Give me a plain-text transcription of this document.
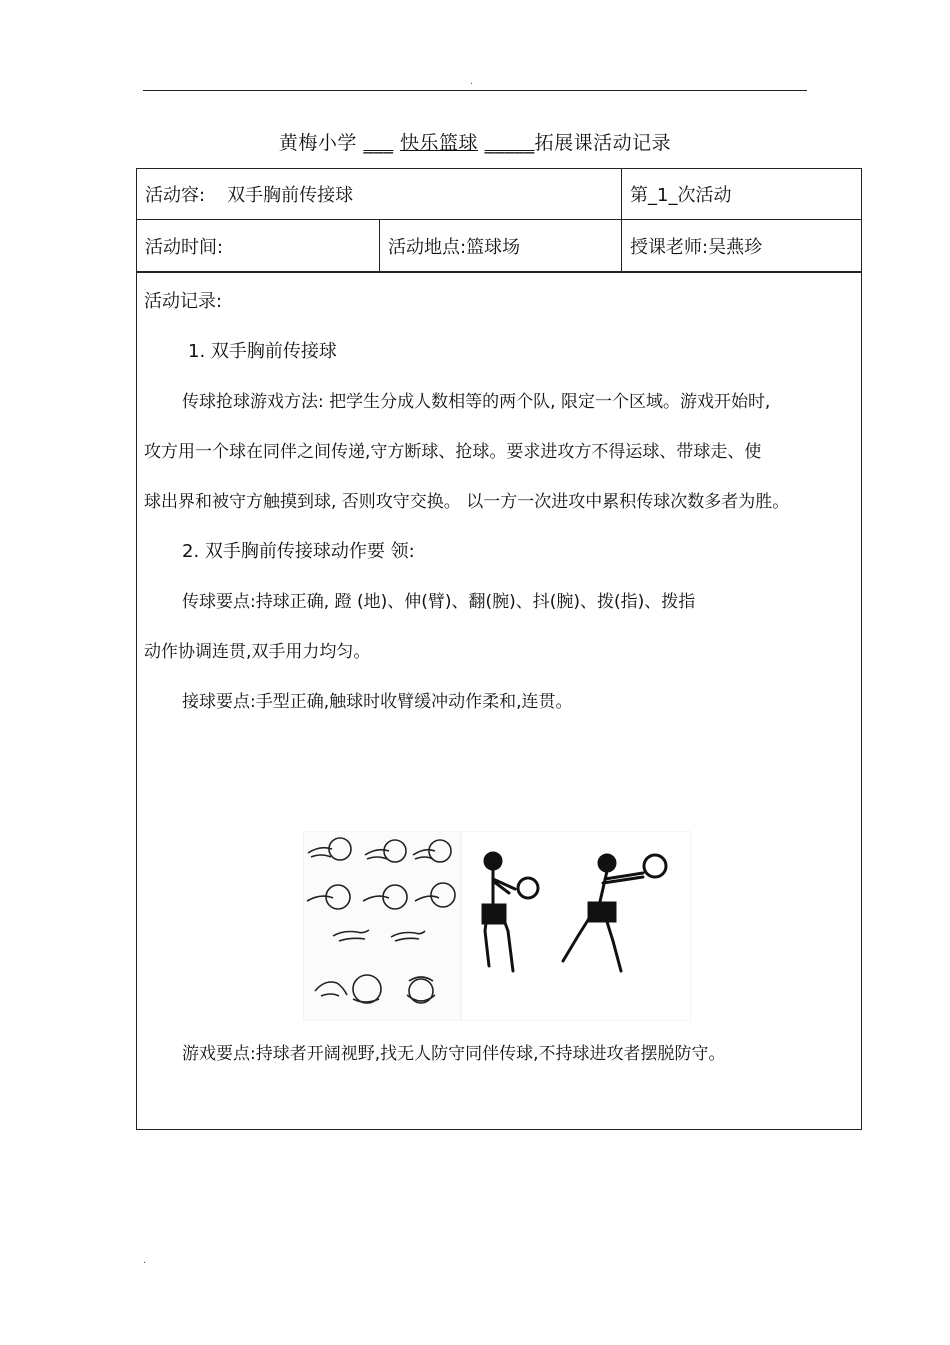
.
黄梅小学 ___ 快乐篮球 _____拓展课活动记录
活动容: 双手胸前传接球	第_1_次活动
活动时间:	活动地点:篮球场	授课老师:吴燕珍
活动记录:
1. 双手胸前传接球
传球抢球游戏方法: 把学生分成人数相等的两个队, 限定一个区域。游戏开始时,
攻方用一个球在同伴之间传递,守方断球、抢球。要求进攻方不得运球、带球走、使
球出界和被守方触摸到球, 否则攻守交换。 以一方一次进攻中累积传球次数多者为胜。
2. 双手胸前传接球动作要 领:
传球要点:持球正确, 蹬 (地)、伸(臂)、翻(腕)、抖(腕)、拨(指)、拨指
动作协调连贯,双手用力均匀。
接球要点:手型正确,触球时收臂缓冲动作柔和,连贯。
游戏要点:持球者开阔视野,找无人防守同伴传球,不持球进攻者摆脱防守。
.
